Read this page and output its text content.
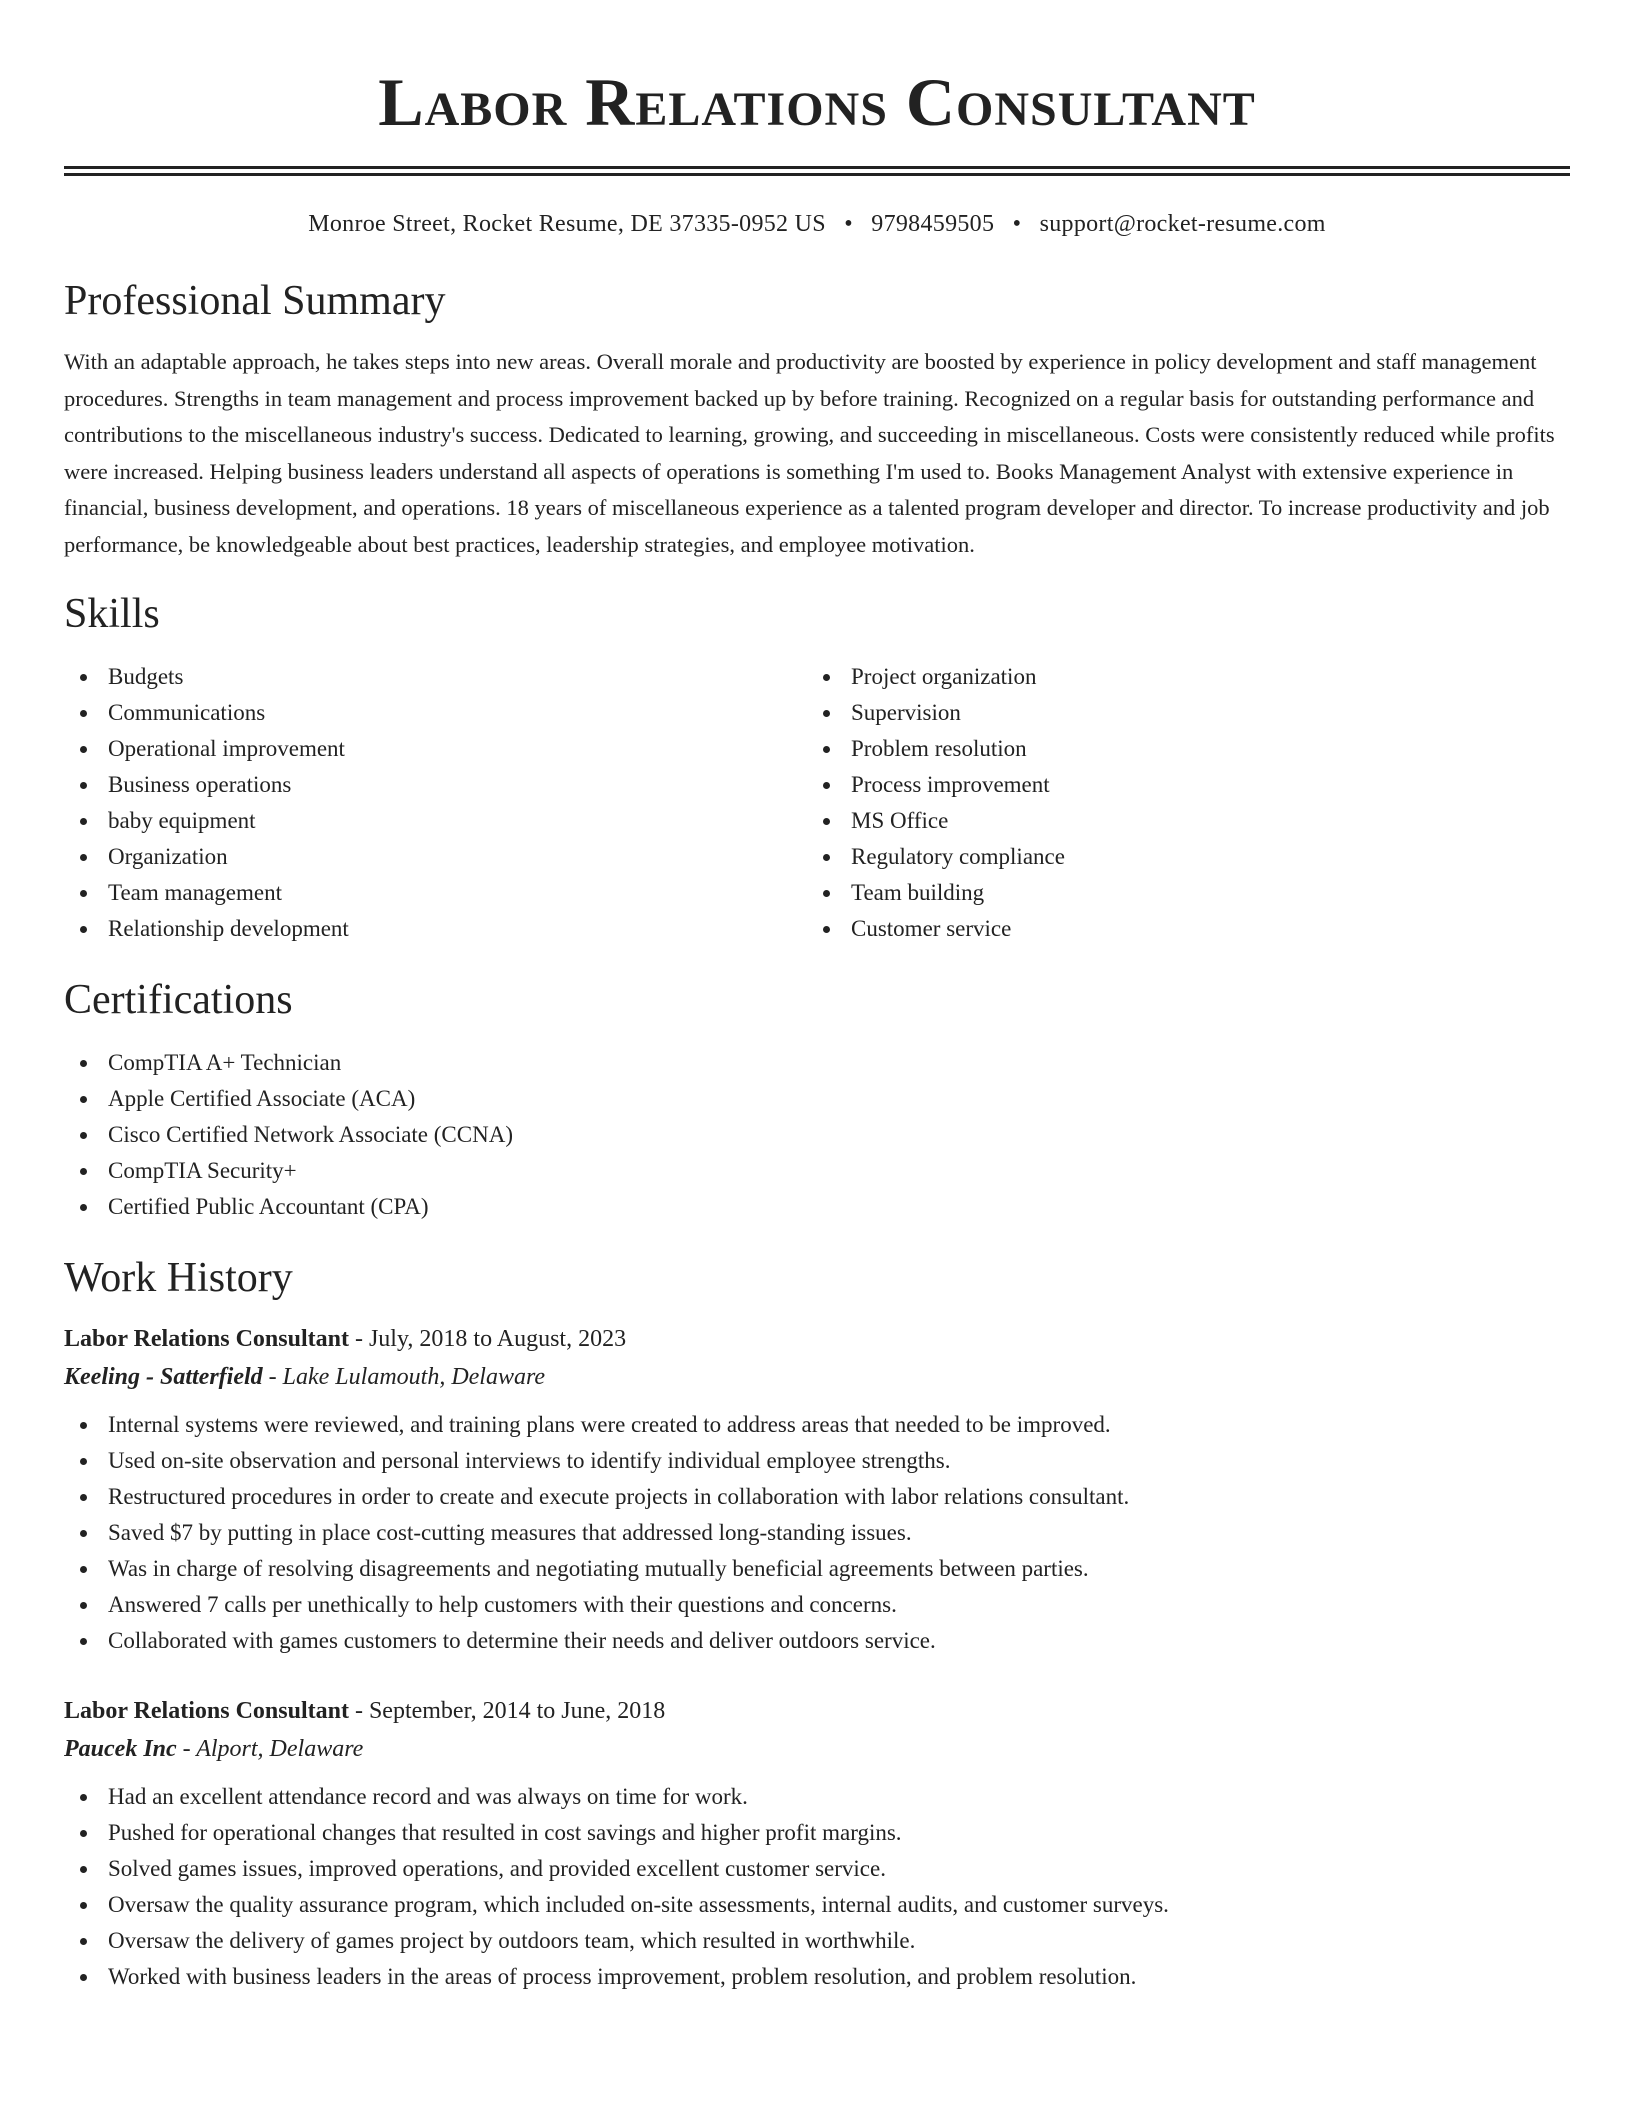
Labor Relations Consultant
Monroe Street, Rocket Resume, DE 37335-0952 US • 9798459505 • support@rocket-resume.com
Professional Summary
With an adaptable approach, he takes steps into new areas. Overall morale and productivity are boosted by experience in policy development and staff management procedures. Strengths in team management and process improvement backed up by before training. Recognized on a regular basis for outstanding performance and contributions to the miscellaneous industry's success. Dedicated to learning, growing, and succeeding in miscellaneous. Costs were consistently reduced while profits were increased. Helping business leaders understand all aspects of operations is something I'm used to. Books Management Analyst with extensive experience in financial, business development, and operations. 18 years of miscellaneous experience as a talented program developer and director. To increase productivity and job performance, be knowledgeable about best practices, leadership strategies, and employee motivation.
Skills
Budgets
Communications
Operational improvement
Business operations
baby equipment
Organization
Team management
Relationship development
Project organization
Supervision
Problem resolution
Process improvement
MS Office
Regulatory compliance
Team building
Customer service
Certifications
CompTIA A+ Technician
Apple Certified Associate (ACA)
Cisco Certified Network Associate (CCNA)
CompTIA Security+
Certified Public Accountant (CPA)
Work History
Labor Relations Consultant - July, 2018 to August, 2023
Keeling - Satterfield - Lake Lulamouth, Delaware
Internal systems were reviewed, and training plans were created to address areas that needed to be improved.
Used on-site observation and personal interviews to identify individual employee strengths.
Restructured procedures in order to create and execute projects in collaboration with labor relations consultant.
Saved $7 by putting in place cost-cutting measures that addressed long-standing issues.
Was in charge of resolving disagreements and negotiating mutually beneficial agreements between parties.
Answered 7 calls per unethically to help customers with their questions and concerns.
Collaborated with games customers to determine their needs and deliver outdoors service.
Labor Relations Consultant - September, 2014 to June, 2018
Paucek Inc - Alport, Delaware
Had an excellent attendance record and was always on time for work.
Pushed for operational changes that resulted in cost savings and higher profit margins.
Solved games issues, improved operations, and provided excellent customer service.
Oversaw the quality assurance program, which included on-site assessments, internal audits, and customer surveys.
Oversaw the delivery of games project by outdoors team, which resulted in worthwhile.
Worked with business leaders in the areas of process improvement, problem resolution, and problem resolution.
